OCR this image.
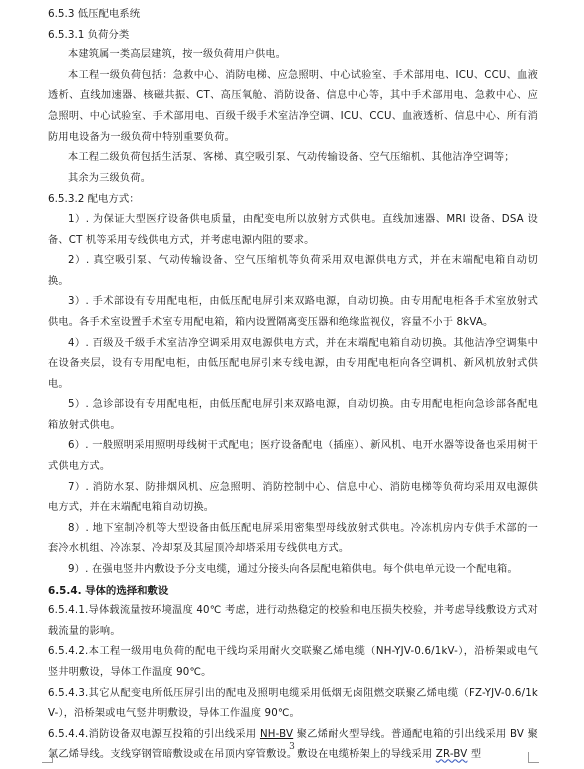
6.5.3 低压配电系统

6.5.3.1 负荷分类

本建筑属一类高层建筑，按一级负荷用户供电。

本工程一级负荷包括：急救中心、消防电梯、应急照明、中心试验室、手术部用电、ICU、CCU、血液透析、直线加速器、核磁共振、CT、高压氧舱、消防设备、信息中心等，其中手术部用电、急救中心、应急照明、中心试验室、手术部用电、百级千级手术室洁净空调、ICU、CCU、血液透析、信息中心、所有消防用电设备为一级负荷中特别重要负荷。

本工程二级负荷包括生活泵、客梯、真空吸引泵、气动传输设备、空气压缩机、其他洁净空调等；

其余为三级负荷。

6.5.3.2 配电方式：

1）. 为保证大型医疗设备供电质量，由配变电所以放射方式供电。直线加速器、MRI 设备、DSA 设备、CT 机等采用专线供电方式，并考虑电源内阻的要求。

2）. 真空吸引泵、气动传输设备、空气压缩机等负荷采用双电源供电方式，并在末端配电箱自动切换。

3）. 手术部设有专用配电柜，由低压配电屏引来双路电源，自动切换。由专用配电柜各手术室放射式供电。各手术室设置手术室专用配电箱，箱内设置隔离变压器和绝缘监视仪，容量不小于 8kVA。

4）. 百级及千级手术室洁净空调采用双电源供电方式，并在末端配电箱自动切换。其他洁净空调集中在设备夹层，设有专用配电柜，由低压配电屏引来专线电源，由专用配电柜向各空调机、新风机放射式供电。

5）. 急诊部设有专用配电柜，由低压配电屏引来双路电源，自动切换。由专用配电柜向急诊部各配电箱放射式供电。

6）. 一般照明采用照明母线树干式配电；医疗设备配电（插座）、新风机、电开水器等设备也采用树干式供电方式。

7）. 消防水泵、防排烟风机、应急照明、消防控制中心、信息中心、消防电梯等负荷均采用双电源供电方式，并在末端配电箱自动切换。

8）. 地下室制冷机等大型设备由低压配电屏采用密集型母线放射式供电。冷冻机房内专供手术部的一套冷水机组、冷冻泵、冷却泵及其屋顶冷却塔采用专线供电方式。

9）. 在强电竖井内敷设予分支电缆，通过分接头向各层配电箱供电。每个供电单元设一个配电箱。

6.5.4. 导体的选择和敷设

6.5.4.1.导体载流量按环境温度 40℃ 考虑，进行动热稳定的校验和电压损失校验，并考虑导线敷设方式对载流量的影响。

6.5.4.2.本工程一级用电负荷的配电干线均采用耐火交联聚乙烯电缆（NH-YJV-0.6/1kV-），沿桥架或电气竖井明敷设，导体工作温度 90℃。

6.5.4.3.其它从配变电所低压屏引出的配电及照明电缆采用低烟无卤阻燃交联聚乙烯电缆（FZ-YJV-0.6/1kV-），沿桥架或电气竖井明敷设，导体工作温度 90℃。

6.5.4.4.消防设备双电源互投箱的引出线采用 NH-BV 聚乙烯耐火型导线。普通配电箱的引出线采用 BV 聚氯乙烯导线。支线穿钢管暗敷设或在吊顶内穿管敷设。敷设在电缆桥架上的导线采用 ZR-BV 型

3
